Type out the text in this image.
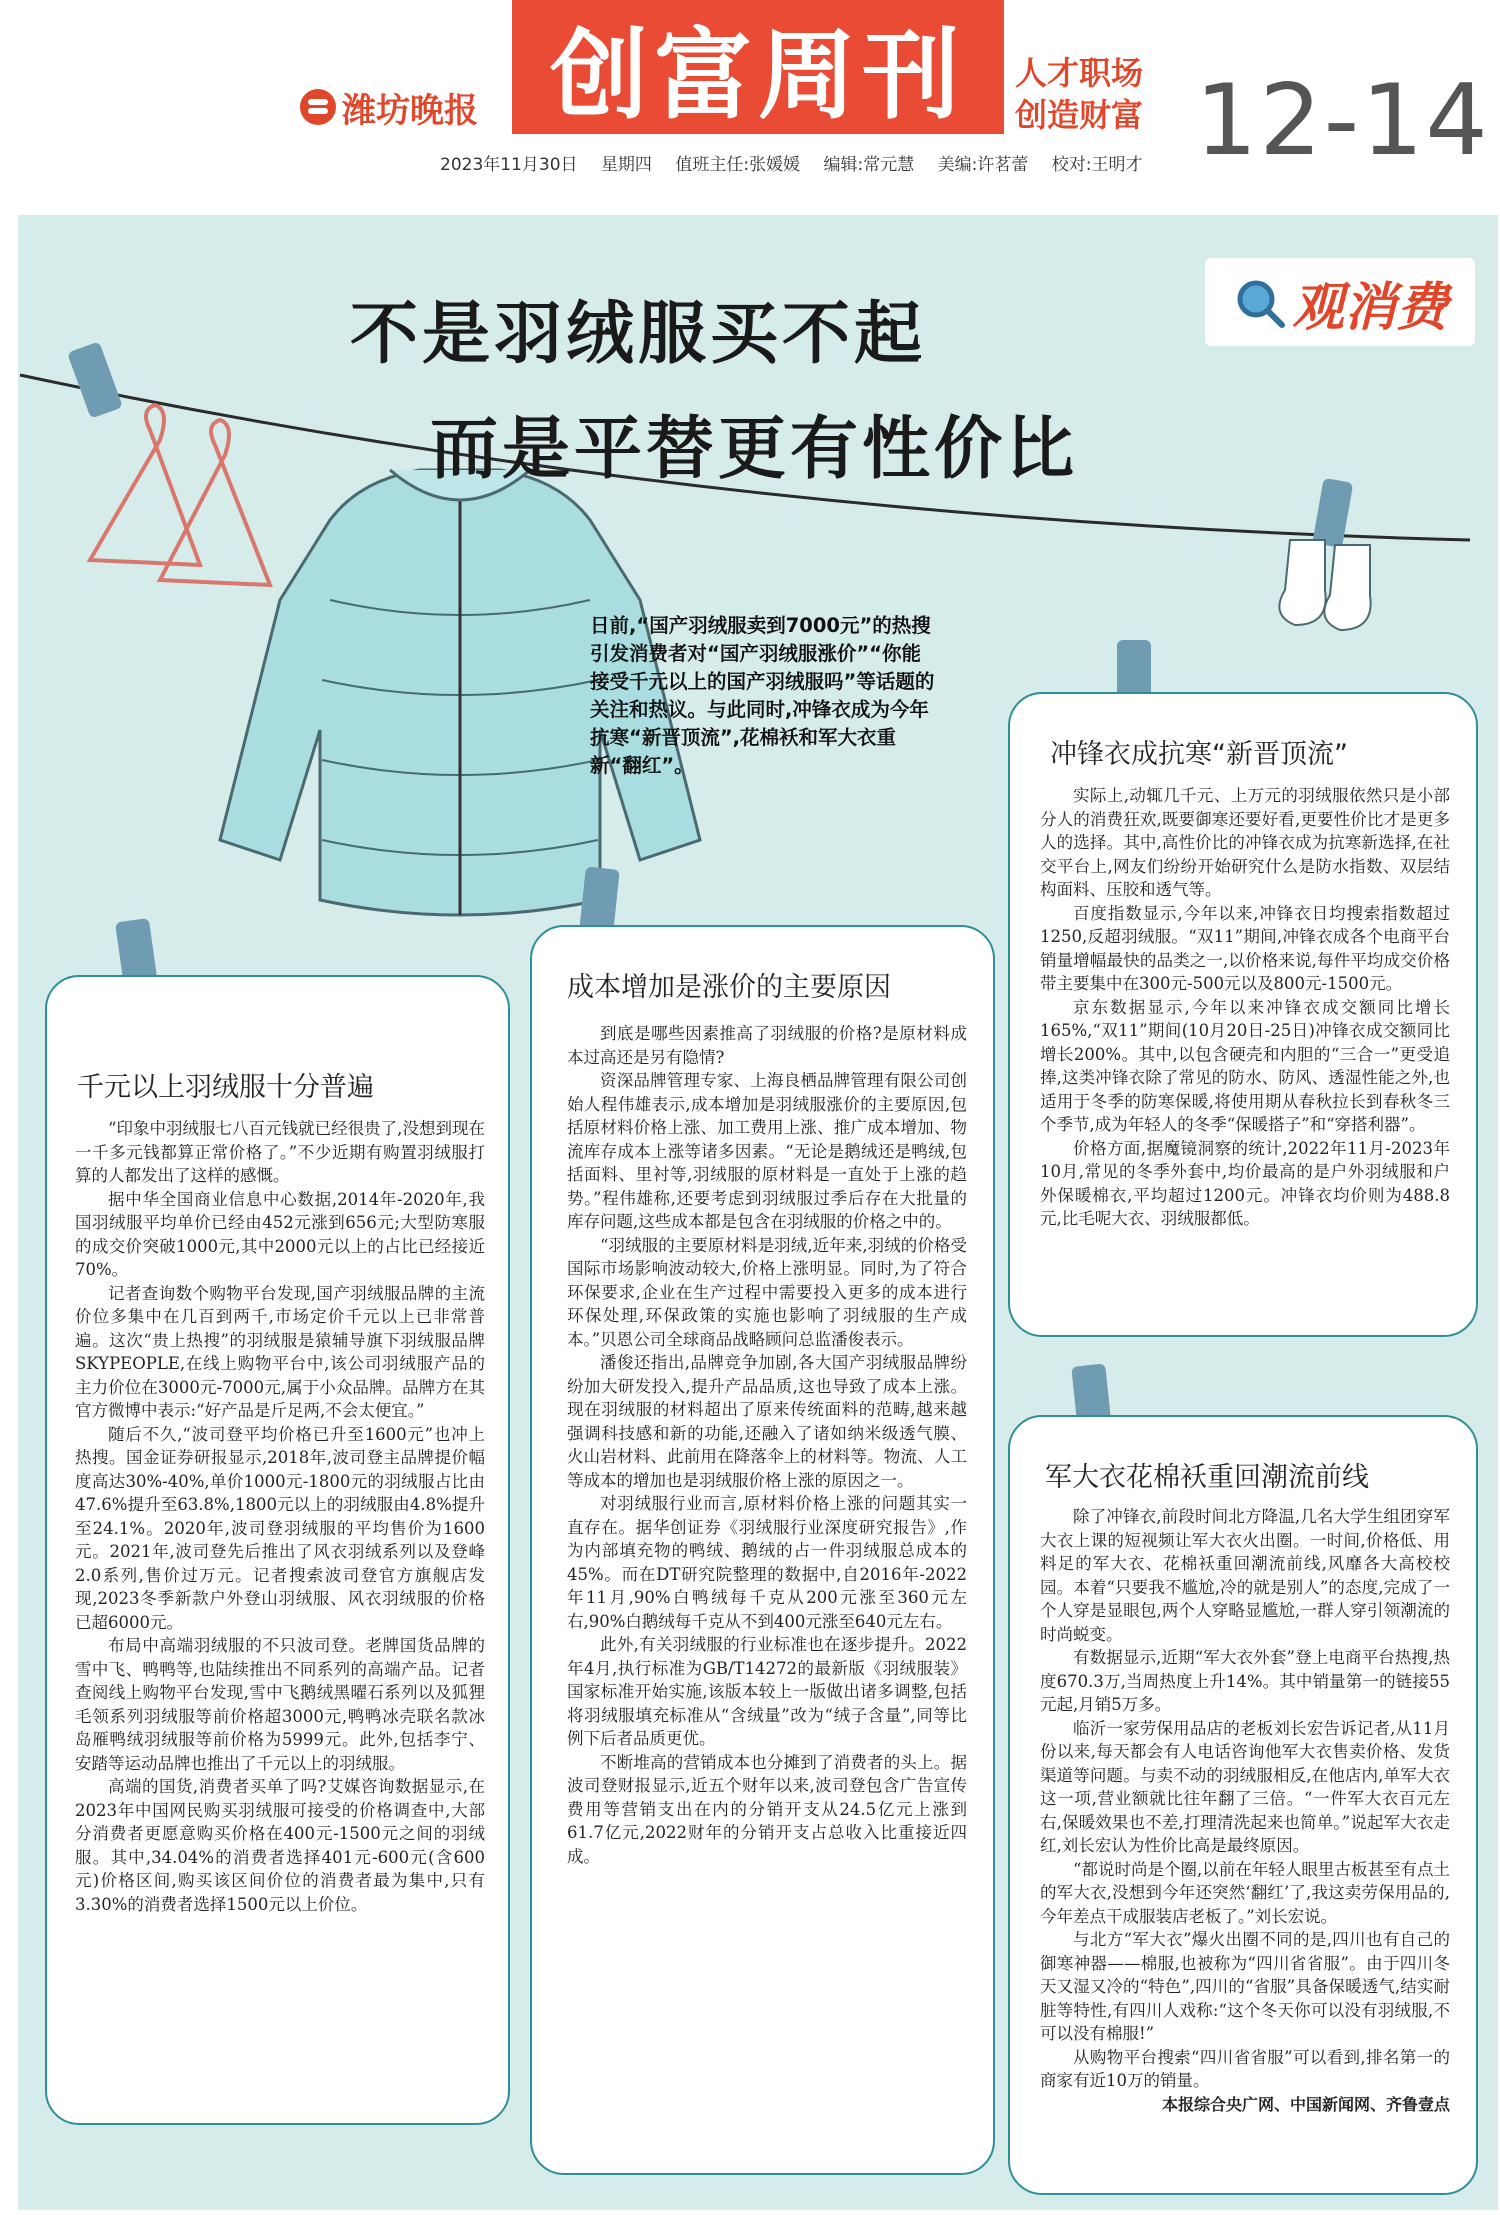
潍坊晚报 创富周刊	人才职场
创造财富 12-14
2023年11月30日 星期四 值班主任:张媛媛 编辑:常元慧 美编:许茗蕾 校对:王明才
观消费
不是羽绒服买不起
而是平替更有性价比
日前,“国产羽绒服卖到7000元”的热搜引发消费者对“国产羽绒服涨价”“你能接受千元以上的国产羽绒服吗”等话题的关注和热议。与此同时,冲锋衣成为今年抗寒“新晋顶流”,花棉袄和军大衣重新“翻红”。
千元以上羽绒服十分普遍

“印象中羽绒服七八百元钱就已经很贵了,没想到现在一千多元钱都算正常价格了。”不少近期有购置羽绒服打算的人都发出了这样的感慨。

据中华全国商业信息中心数据,2014年-2020年,我国羽绒服平均单价已经由452元涨到656元;大型防寒服的成交价突破1000元,其中2000元以上的占比已经接近70%。

记者查询数个购物平台发现,国产羽绒服品牌的主流价位多集中在几百到两千,市场定价千元以上已非常普遍。这次“贵上热搜”的羽绒服是猿辅导旗下羽绒服品牌SKYPEOPLE,在线上购物平台中,该公司羽绒服产品的主力价位在3000元-7000元,属于小众品牌。品牌方在其官方微博中表示:“好产品是斤足两,不会太便宜。”

随后不久,“波司登平均价格已升至1600元”也冲上热搜。国金证券研报显示,2018年,波司登主品牌提价幅度高达30%-40%,单价1000元-1800元的羽绒服占比由47.6%提升至63.8%,1800元以上的羽绒服由4.8%提升至24.1%。2020年,波司登羽绒服的平均售价为1600元。2021年,波司登先后推出了风衣羽绒系列以及登峰2.0系列,售价过万元。记者搜索波司登官方旗舰店发现,2023冬季新款户外登山羽绒服、风衣羽绒服的价格已超6000元。

布局中高端羽绒服的不只波司登。老牌国货品牌的雪中飞、鸭鸭等,也陆续推出不同系列的高端产品。记者查阅线上购物平台发现,雪中飞鹅绒黑曜石系列以及狐狸毛领系列羽绒服等前价格超3000元,鸭鸭冰壳联名款冰岛雁鸭绒羽绒服等前价格为5999元。此外,包括李宁、安踏等运动品牌也推出了千元以上的羽绒服。

高端的国货,消费者买单了吗?艾媒咨询数据显示,在2023年中国网民购买羽绒服可接受的价格调查中,大部分消费者更愿意购买价格在400元-1500元之间的羽绒服。其中,34.04%的消费者选择401元-600元(含600元)价格区间,购买该区间价位的消费者最为集中,只有3.30%的消费者选择1500元以上价位。

成本增加是涨价的主要原因

到底是哪些因素推高了羽绒服的价格?是原材料成本过高还是另有隐情?

资深品牌管理专家、上海良栖品牌管理有限公司创始人程伟雄表示,成本增加是羽绒服涨价的主要原因,包括原材料价格上涨、加工费用上涨、推广成本增加、物流库存成本上涨等诸多因素。“无论是鹅绒还是鸭绒,包括面料、里衬等,羽绒服的原材料是一直处于上涨的趋势。”程伟雄称,还要考虑到羽绒服过季后存在大批量的库存问题,这些成本都是包含在羽绒服的价格之中的。

“羽绒服的主要原材料是羽绒,近年来,羽绒的价格受国际市场影响波动较大,价格上涨明显。同时,为了符合环保要求,企业在生产过程中需要投入更多的成本进行环保处理,环保政策的实施也影响了羽绒服的生产成本。”贝恩公司全球商品战略顾问总监潘俊表示。

潘俊还指出,品牌竞争加剧,各大国产羽绒服品牌纷纷加大研发投入,提升产品品质,这也导致了成本上涨。现在羽绒服的材料超出了原来传统面料的范畴,越来越强调科技感和新的功能,还融入了诸如纳米级透气膜、火山岩材料、此前用在降落伞上的材料等。物流、人工等成本的增加也是羽绒服价格上涨的原因之一。

对羽绒服行业而言,原材料价格上涨的问题其实一直存在。据华创证券《羽绒服行业深度研究报告》,作为内部填充物的鸭绒、鹅绒的占一件羽绒服总成本的45%。而在DT研究院整理的数据中,自2016年-2022年11月,90%白鸭绒每千克从200元涨至360元左右,90%白鹅绒每千克从不到400元涨至640元左右。

此外,有关羽绒服的行业标准也在逐步提升。2022年4月,执行标准为GB/T14272的最新版《羽绒服装》国家标准开始实施,该版本较上一版做出诸多调整,包括将羽绒服填充标准从“含绒量”改为“绒子含量”,同等比例下后者品质更优。

不断堆高的营销成本也分摊到了消费者的头上。据波司登财报显示,近五个财年以来,波司登包含广告宣传费用等营销支出在内的分销开支从24.5亿元上涨到61.7亿元,2022财年的分销开支占总收入比重接近四成。

冲锋衣成抗寒“新晋顶流”

实际上,动辄几千元、上万元的羽绒服依然只是小部分人的消费狂欢,既要御寒还要好看,更要性价比才是更多人的选择。其中,高性价比的冲锋衣成为抗寒新选择,在社交平台上,网友们纷纷开始研究什么是防水指数、双层结构面料、压胶和透气等。

百度指数显示,今年以来,冲锋衣日均搜索指数超过1250,反超羽绒服。“双11”期间,冲锋衣成各个电商平台销量增幅最快的品类之一,以价格来说,每件平均成交价格带主要集中在300元-500元以及800元-1500元。

京东数据显示,今年以来冲锋衣成交额同比增长165%,“双11”期间(10月20日-25日)冲锋衣成交额同比增长200%。其中,以包含硬壳和内胆的“三合一”更受追捧,这类冲锋衣除了常见的防水、防风、透湿性能之外,也适用于冬季的防寒保暖,将使用期从春秋拉长到春秋冬三个季节,成为年轻人的冬季“保暖搭子”和“穿搭利器”。

价格方面,据魔镜洞察的统计,2022年11月-2023年10月,常见的冬季外套中,均价最高的是户外羽绒服和户外保暖棉衣,平均超过1200元。冲锋衣均价则为488.8元,比毛呢大衣、羽绒服都低。

军大衣花棉袄重回潮流前线

除了冲锋衣,前段时间北方降温,几名大学生组团穿军大衣上课的短视频让军大衣火出圈。一时间,价格低、用料足的军大衣、花棉袄重回潮流前线,风靡各大高校校园。本着“只要我不尴尬,冷的就是别人”的态度,完成了一个人穿是显眼包,两个人穿略显尴尬,一群人穿引领潮流的时尚蜕变。

有数据显示,近期“军大衣外套”登上电商平台热搜,热度670.3万,当周热度上升14%。其中销量第一的链接55元起,月销5万多。

临沂一家劳保用品店的老板刘长宏告诉记者,从11月份以来,每天都会有人电话咨询他军大衣售卖价格、发货渠道等问题。与卖不动的羽绒服相反,在他店内,单军大衣这一项,营业额就比往年翻了三倍。“一件军大衣百元左右,保暖效果也不差,打理清洗起来也简单。”说起军大衣走红,刘长宏认为性价比高是最终原因。

“都说时尚是个圈,以前在年轻人眼里古板甚至有点土的军大衣,没想到今年还突然‘翻红’了,我这卖劳保用品的,今年差点干成服装店老板了。”刘长宏说。

与北方“军大衣”爆火出圈不同的是,四川也有自己的御寒神器——棉服,也被称为“四川省省服”。由于四川冬天又湿又冷的“特色”,四川的“省服”具备保暖透气,结实耐脏等特性,有四川人戏称:“这个冬天你可以没有羽绒服,不可以没有棉服!”

从购物平台搜索“四川省省服”可以看到,排名第一的商家有近10万的销量。

本报综合央广网、中国新闻网、齐鲁壹点
